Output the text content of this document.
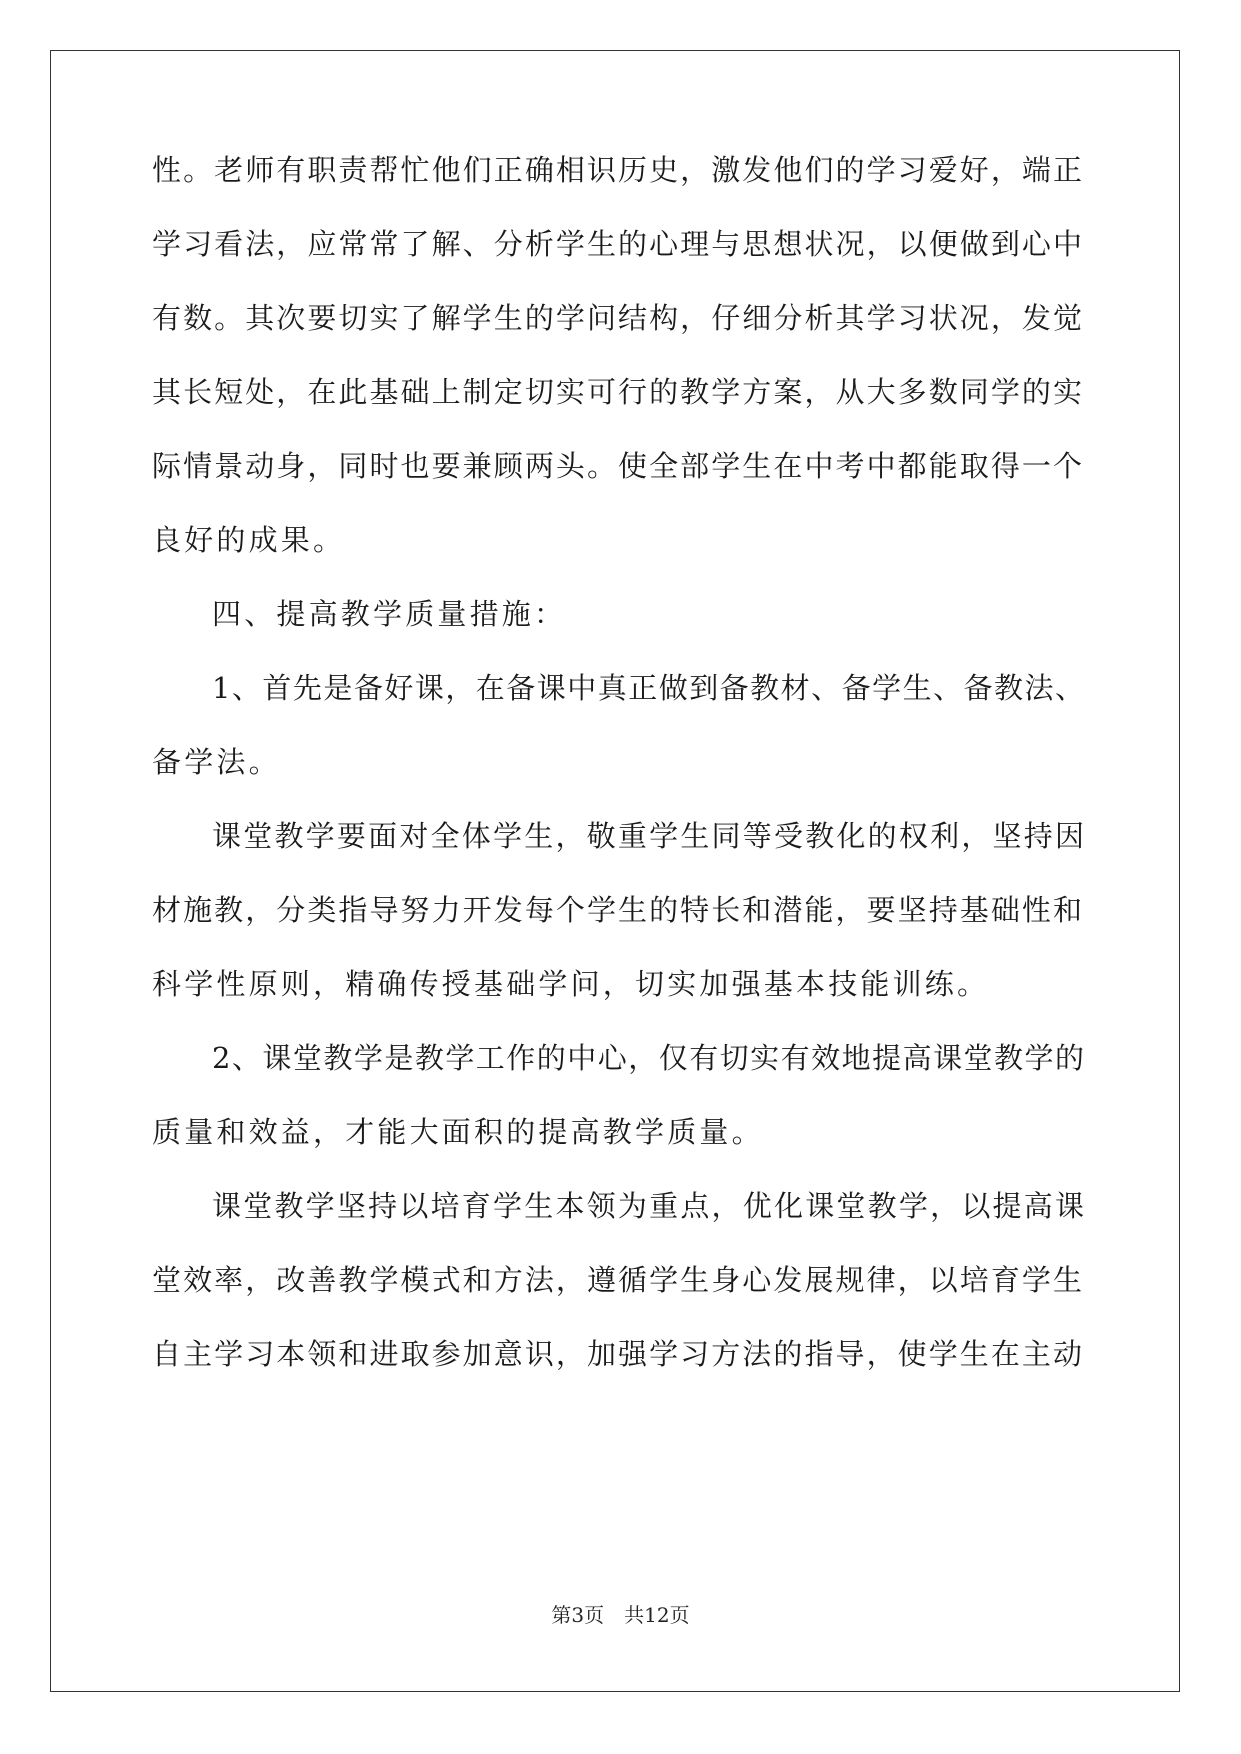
性。老师有职责帮忙他们正确相识历史，激发他们的学习爱好，端正
学习看法，应常常了解、分析学生的心理与思想状况，以便做到心中
有数。其次要切实了解学生的学问结构，仔细分析其学习状况，发觉
其长短处，在此基础上制定切实可行的教学方案，从大多数同学的实
际情景动身，同时也要兼顾两头。使全部学生在中考中都能取得一个
良好的成果。
四、提高教学质量措施：
1、首先是备好课，在备课中真正做到备教材、备学生、备教法、
备学法。
课堂教学要面对全体学生，敬重学生同等受教化的权利，坚持因
材施教，分类指导努力开发每个学生的特长和潜能，要坚持基础性和
科学性原则，精确传授基础学问，切实加强基本技能训练。
2、课堂教学是教学工作的中心，仅有切实有效地提高课堂教学的
质量和效益，才能大面积的提高教学质量。
课堂教学坚持以培育学生本领为重点，优化课堂教学，以提高课
堂效率，改善教学模式和方法，遵循学生身心发展规律，以培育学生
自主学习本领和进取参加意识，加强学习方法的指导，使学生在主动
第3页　共12页
